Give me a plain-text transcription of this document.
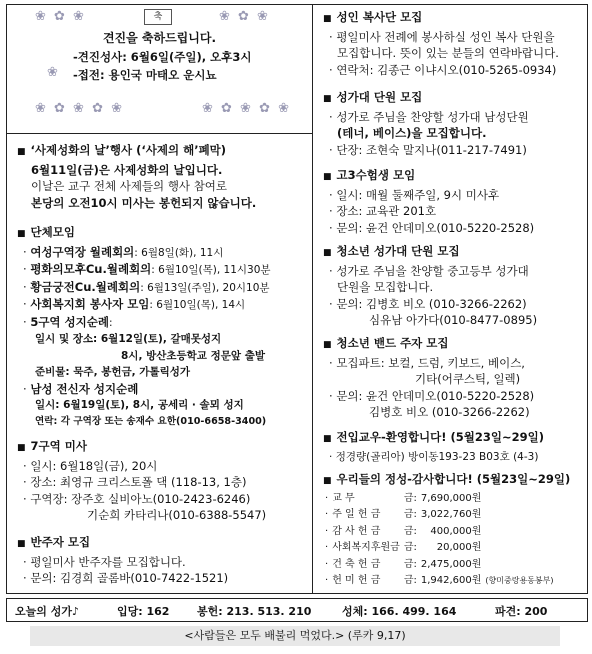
❀ ✿ ❀	❀ ✿ ❀
❀
❀ ✿ ❀ ✿ ❀	❀ ✿ ❀ ✿ ❀
축
견진을 축하드립니다.
-견진성사: 6월6일(주일), 오후3시
-접전: 용인국 마태오 운시뇨
■ ‘사제성화의 날’행사 (‘사제의 해’폐막)
6월11일(금)은 사제성화의 날입니다.
이날은 교구 전체 사제들의 행사 참여로
본당의 오전10시 미사는 봉헌되지 않습니다.
■ 단체모임
· 여성구역장 월례회의: 6월8일(화), 11시
· 평화의모후Cu.월례회의: 6월10일(목), 11시30분
· 황금궁전Cu.월례회의: 6월13일(주일), 20시10분
· 사회복지회 봉사자 모임: 6월10일(목), 14시
· 5구역 성지순례:
일시 및 장소: 6월12일(토), 갈매못성지
8시, 방산초등학교 정문앞 출발
준비물: 묵주, 봉헌금, 가톨릭성가
· 남성 전신자 성지순례
일시: 6월19일(토), 8시, 공세리 · 솔뫼 성지
연락: 각 구역장 또는 송재수 요한(010-6658-3400)
■ 7구역 미사
· 일시: 6월18일(금), 20시
· 장소: 최영규 크리스토폴 댁 (118-13, 1층)
· 구역장: 장주호 실비아노(010-2423-6246)
기순희 카타리나(010-6388-5547)
■ 반주자 모집
· 평일미사 반주자를 모집합니다.
· 문의: 김경희 골롬바(010-7422-1521)
■ 성인 복사단 모집
· 평일미사 전례에 봉사하실 성인 복사 단원을
모집합니다. 뜻이 있는 분들의 연락바랍니다.
· 연락처: 김종근 이냐시오(010-5265-0934)
■ 성가대 단원 모집
· 성가로 주님을 찬양할 성가대 남성단원
(테너, 베이스)을 모집합니다.
· 단장: 조현숙 말지나(011-217-7491)
■ 고3수험생 모임
· 일시: 매월 둘째주일, 9시 미사후
· 장소: 교육관 201호
· 문의: 윤건 안데미오(010-5220-2528)
■ 청소년 성가대 단원 모집
· 성가로 주님을 찬양할 중고등부 성가대
단원을 모집합니다.
· 문의: 김병호 비오 (010-3266-2262)
심유남 아가다(010-8477-0895)
■ 청소년 밴드 주자 모집
· 모집파트: 보컬, 드럼, 키보드, 베이스,
기타(어쿠스틱, 일렉)
· 문의: 윤건 안데미오(010-5220-2528)
김병호 비오 (010-3266-2262)
■ 전입교우-환영합니다! (5월23일~29일)
· 정경량(골리아) 방이동193-23 B03호 (4-3)
■ 우리들의 정성-감사합니다! (5월23일~29일)
·	교 무	금:	7,690,000원	
·	주 일 헌 금	금:	3,022,760원	
·	감 사 헌 금	금:	400,000원	
·	사회복지후원금	금:	20,000원	
·	건 축 헌 금	금:	2,475,000원	
·	헌 미 헌 금	금:	1,942,600원	(향미중랑용동봉부)
오늘의 성가♪	입당: 162	봉헌: 213. 513. 210	성체: 166. 499. 164	파견: 200
<사람들은 모두 배불리 먹었다.> (루카 9,17)
